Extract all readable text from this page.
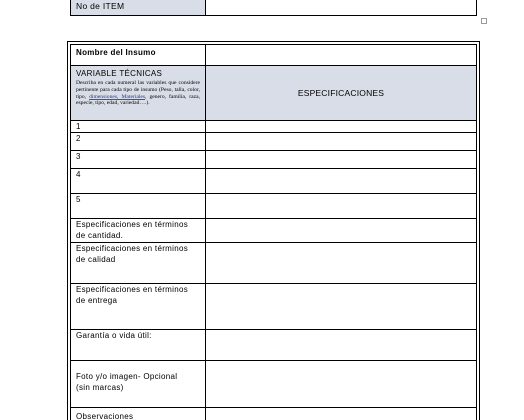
No de ITEM	
Nombre del Insumo	

VARIABLE TÉCNICAS
Describa en cada numeral las variables que considere pertinente para cada tipo de insumo (Peso, talla, color, tipo, dimensiones, Materiales, genero, familia, raza, especie, tipo, edad, variedad….).	ESPECIFICACIONES
1	
2	
3	
4	
5	
Especificaciones en términos de cantidad.	
Especificaciones en términos de calidad	
Especificaciones en términos de entrega	
Garantía o vida útil:	

Foto y/o imagen- Opcional
(sin marcas)	

Observaciones	
